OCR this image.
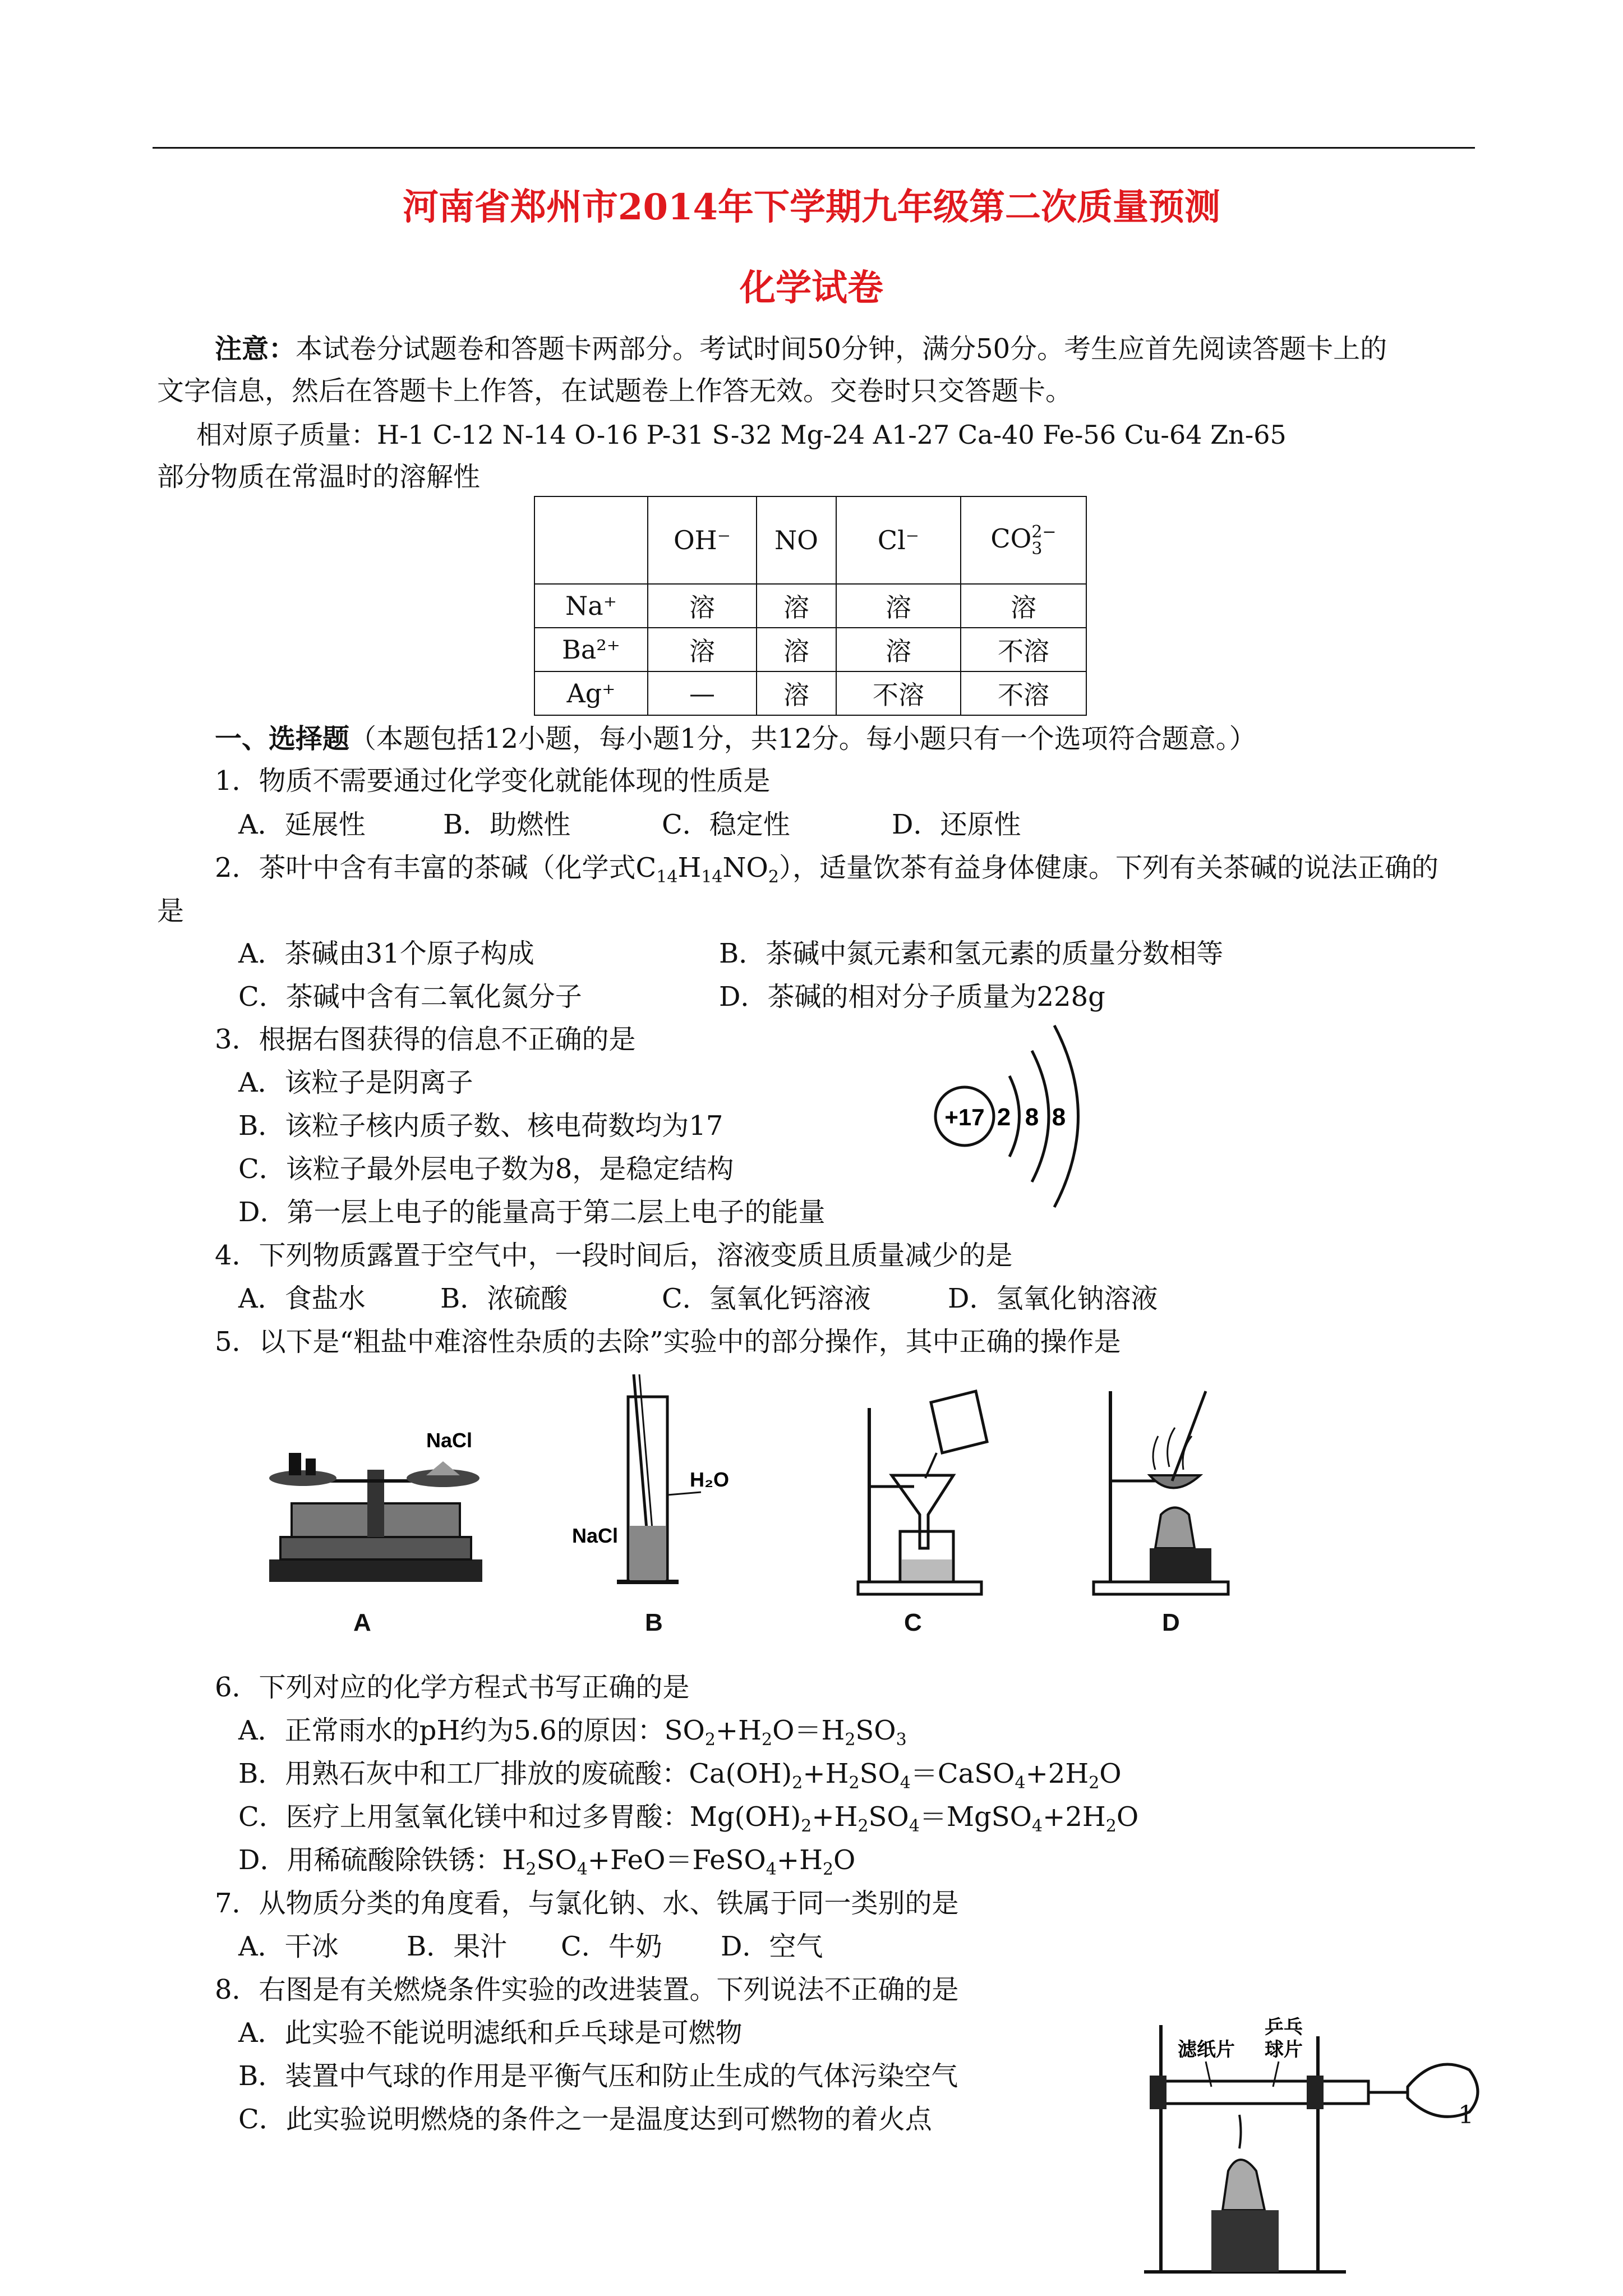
河南省郑州市2014年下学期九年级第二次质量预测
化学试卷
注意：本试卷分试题卷和答题卡两部分。考试时间50分钟，满分50分。考生应首先阅读答题卡上的
文字信息，然后在答题卡上作答，在试题卷上作答无效。交卷时只交答题卡。
相对原子质量：H-1 C-12 N-14 O-16 P-31 S-32 Mg-24 A1-27 Ca-40 Fe-56 Cu-64 Zn-65
部分物质在常温时的溶解性
	OH⁻	NO	Cl⁻	CO 2−
3

Na⁺	溶	溶	溶	溶
Ba²⁺	溶	溶	溶	不溶
Ag⁺	—	溶	不溶	不溶
一、选择题（本题包括12小题，每小题1分，共12分。每小题只有一个选项符合题意。）
1．物质不需要通过化学变化就能体现的性质是
A．延展性	B．助燃性	C．稳定性	D．还原性
2．茶叶中含有丰富的茶碱（化学式$C_{14}H_{14}NO_2$），适量饮茶有益身体健康。下列有关茶碱的说法正确的
是
A．茶碱由31个原子构成	B．茶碱中氮元素和氢元素的质量分数相等
C．茶碱中含有二氧化氮分子	D．茶碱的相对分子质量为228g
3．根据右图获得的信息不正确的是
A．该粒子是阴离子
B．该粒子核内质子数、核电荷数均为17
C．该粒子最外层电子数为8，是稳定结构
D．第一层上电子的能量高于第二层上电子的能量
+17 2 8 8
4．下列物质露置于空气中，一段时间后，溶液变质且质量减少的是
A．食盐水	B．浓硫酸	C．氢氧化钙溶液	D．氢氧化钠溶液
5．以下是“粗盐中难溶性杂质的去除”实验中的部分操作，其中正确的操作是
NaCl
H₂O
NaCl
A	B	C	D
6．下列对应的化学方程式书写正确的是
A．正常雨水的pH约为5.6的原因：$SO_2+H_2O=H_2SO_3$
B．用熟石灰中和工厂排放的废硫酸：$Ca(OH)_2+H_2SO_4=CaSO_4+2H_2O$
C．医疗上用氢氧化镁中和过多胃酸：$Mg(OH)_2+H_2SO_4=MgSO_4+2H_2O$
D．用稀硫酸除铁锈：$H_2SO_4+FeO=FeSO_4+H_2O$
7．从物质分类的角度看，与氯化钠、水、铁属于同一类别的是
A．干冰	B．果汁 C．牛奶 D．空气
8．右图是有关燃烧条件实验的改进装置。下列说法不正确的是
A．此实验不能说明滤纸和乒乓球是可燃物
B．装置中气球的作用是平衡气压和防止生成的气体污染空气
C．此实验说明燃烧的条件之一是温度达到可燃物的着火点
滤纸片
乒乓
球片
1
